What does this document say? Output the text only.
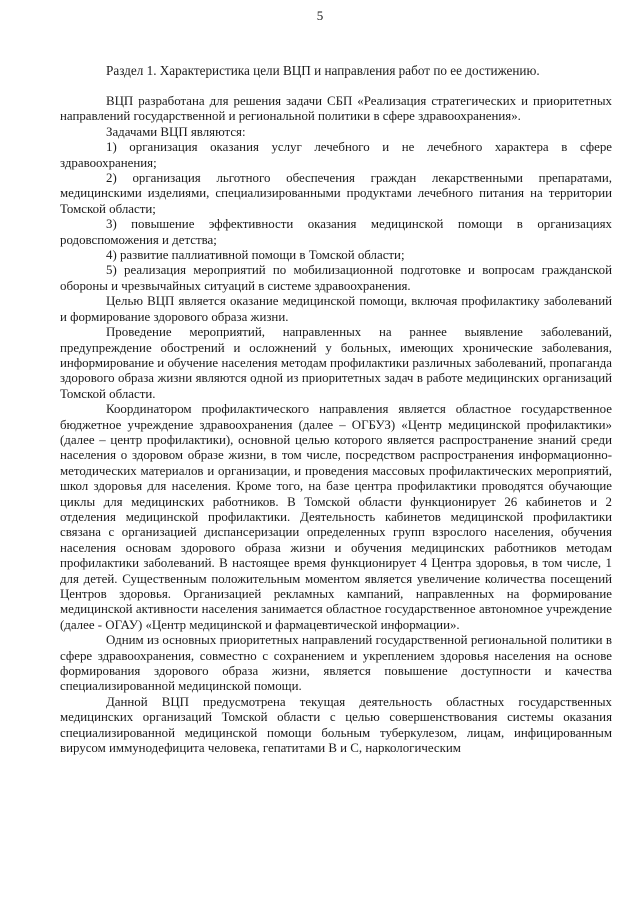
5
Раздел 1. Характеристика цели ВЦП и направления работ по ее достижению.

ВЦП разработана для решения задачи СБП «Реализация стратегических и приоритетных направлений государственной и региональной политики в сфере здравоохранения».

Задачами ВЦП являются:

1) организация оказания услуг лечебного и не лечебного характера в сфере здравоохранения;

2) организация льготного обеспечения граждан лекарственными препаратами, медицинскими изделиями, специализированными продуктами лечебного питания на территории Томской области;

3) повышение эффективности оказания медицинской помощи в организациях родовспоможения и детства;

4) развитие паллиативной помощи в Томской области;

5) реализация мероприятий по мобилизационной подготовке и вопросам гражданской обороны и чрезвычайных ситуаций в системе здравоохранения.

Целью ВЦП является оказание медицинской помощи, включая профилактику заболеваний и формирование здорового образа жизни.

Проведение мероприятий, направленных на раннее выявление заболеваний, предупреждение обострений и осложнений у больных, имеющих хронические заболевания, информирование и обучение населения методам профилактики различных заболеваний, пропаганда здорового образа жизни являются одной из приоритетных задач в работе медицинских организаций Томской области.

Координатором профилактического направления является областное государственное бюджетное учреждение здравоохранения (далее – ОГБУЗ) «Центр медицинской профилактики» (далее – центр профилактики), основной целью которого является распространение знаний среди населения о здоровом образе жизни, в том числе, посредством распространения информационно-методических материалов и организации, и проведения массовых профилактических мероприятий, школ здоровья для населения. Кроме того, на базе центра профилактики проводятся обучающие циклы для медицинских работников. В Томской области функционирует 26 кабинетов и 2 отделения медицинской профилактики. Деятельность кабинетов медицинской профилактики связана с организацией диспансеризации определенных групп взрослого населения, обучения населения основам здорового образа жизни и обучения медицинских работников методам профилактики заболеваний. В настоящее время функционирует 4 Центра здоровья, в том числе, 1 для детей. Существенным положительным моментом является увеличение количества посещений Центров здоровья. Организацией рекламных кампаний, направленных на формирование медицинской активности населения занимается областное государственное автономное учреждение (далее - ОГАУ) «Центр медицинской и фармацевтической информации».

Одним из основных приоритетных направлений государственной региональной политики в сфере здравоохранения, совместно с сохранением и укреплением здоровья населения на основе формирования здорового образа жизни, является повышение доступности и качества специализированной медицинской помощи.

Данной ВЦП предусмотрена текущая деятельность областных государственных медицинских организаций Томской области с целью совершенствования системы оказания специализированной медицинской помощи больным туберкулезом, лицам, инфицированным вирусом иммунодефицита человека, гепатитами В и С, наркологическим
